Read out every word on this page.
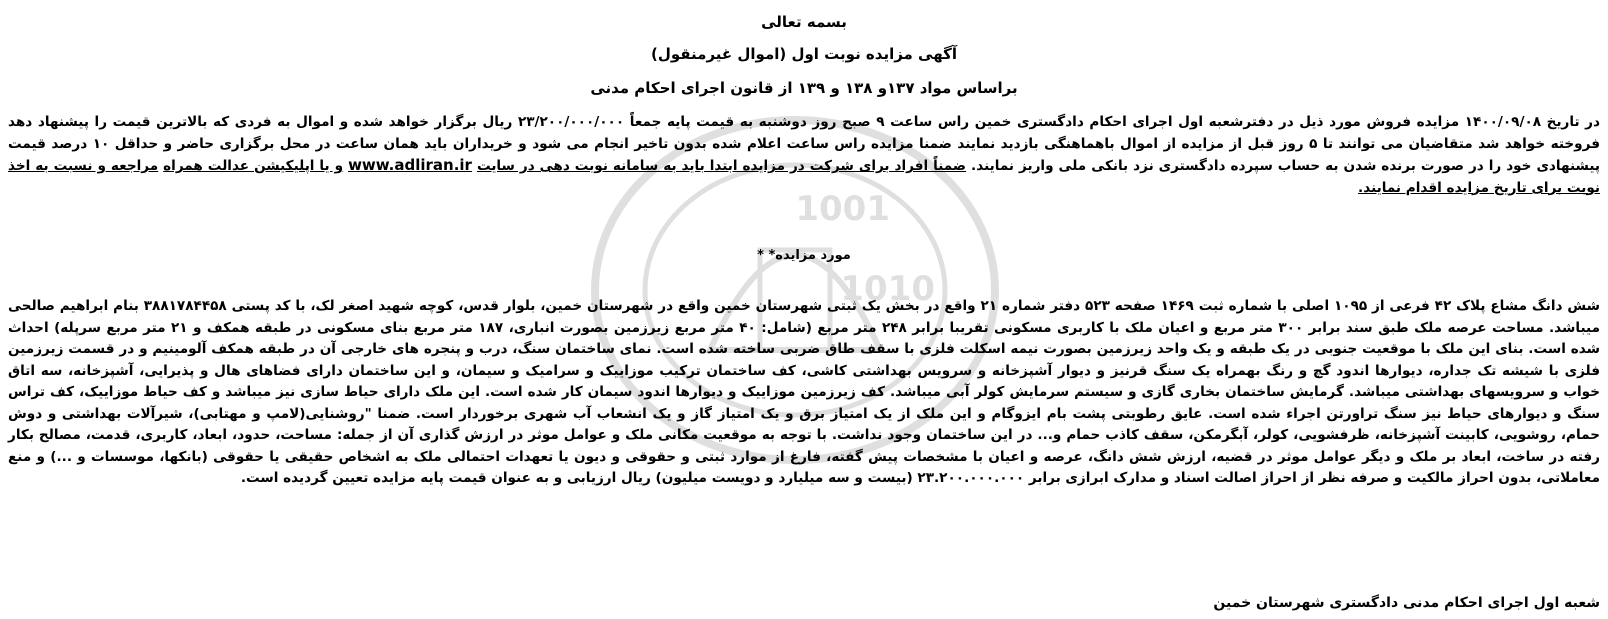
1001
1010
بسمه تعالی
آگهی مزایده نوبت اول (اموال غیرمنقول)
براساس مواد ۱۳۷و ۱۳۸ و ۱۳۹ از قانون اجرای احکام مدنی
در تاریخ ۱۴۰۰/۰۹/۰۸ مزایده فروش مورد ذیل در دفترشعبه اول اجرای احکام دادگستری خمین راس ساعت ۹ صبح روز دوشنبه به قیمت پایه جمعاً ۲۳/۲۰۰/۰۰۰/۰۰۰ ریال برگزار خواهد شده و اموال به فردی که بالاترین قیمت را پیشنهاد دهد فروخته خواهد شد متقاضیان می توانند تا ۵ روز قبل از مزایده از اموال باهماهنگی بازدید نمایند ضمنا مزایده راس ساعت اعلام شده بدون تاخیر انجام می شود و خریداران باید همان ساعت در محل برگزاری حاضر و حداقل ۱۰ درصد قیمت پیشنهادی خود را در صورت برنده شدن به حساب سپرده دادگستری نزد بانکی ملی واریز نمایند. ضمناً افراد برای شرکت در مزایده ابتدا باید به سامانه نوبت دهی در سایت www.adliran.ir و یا اپلیکیشن عدالت همراه مراجعه و نسبت به اخذ نوبت برای تاریخ مزایده اقدام نمایند.
مورد مزایده* *
شش دانگ مشاع پلاک ۴۲ فرعی از ۱۰۹۵ اصلی با شماره ثبت ۱۴۶۹ صفحه ۵۲۳ دفتر شماره ۲۱ واقع در بخش یک ثبتی شهرستان خمین واقع در شهرستان خمین، بلوار قدس، کوچه شهید اصغر لک، با کد پستی ۳۸۸۱۷۸۴۴۵۸ بنام ابراهیم صالحی میباشد. مساحت عرصه ملک طبق سند برابر ۳۰۰ متر مربع و اعیان ملک با کاربری مسکونی تقریبا برابر ۲۴۸ متر مربع (شامل: ۴۰ متر مربع زیرزمین بصورت انباری، ۱۸۷ متر مربع بنای مسکونی در طبقه همکف و ۲۱ متر مربع سرپله) احداث شده است. بنای این ملک با موقعیت جنوبی در یک طبقه و یک واحد زیرزمین بصورت نیمه اسکلت فلزی با سقف طاق ضربی ساخته شده است. نمای ساختمان سنگ، درب و پنجره های خارجی آن در طبقه همکف آلومینیم و در قسمت زیرزمین فلزی با شیشه تک جداره، دیوارها اندود گچ و رنگ بهمراه یک سنگ قرنیز و دیوار آشپزخانه و سرویس بهداشتی کاشی، کف ساختمان ترکیب موزاییک و سرامیک و سیمان، و این ساختمان دارای فضاهای هال و پذیرایی، آشپزخانه، سه اتاق خواب و سرویسهای بهداشتی میباشد. گرمایش ساختمان بخاری گازی و سیستم سرمایش کولر آبی میباشد. کف زیرزمین موزاییک و دیوارها اندود سیمان کار شده است. این ملک دارای حیاط سازی نیز میباشد و کف حیاط موزاییک، کف تراس سنگ و دیوارهای حیاط نیز سنگ تراورتن اجراء شده است. عایق رطوبتی پشت بام ایزوگام و این ملک از یک امتیاز برق و یک امتیاز گاز و یک انشعاب آب شهری برخوردار است. ضمنا "روشنایی(لامپ و مهتابی)، شیرآلات بهداشتی و دوش حمام، روشویی، کابینت آشپزخانه، ظرفشویی، کولر، آبگرمکن، سقف کاذب حمام و... در این ساختمان وجود نداشت. با توجه به موقعیت مکانی ملک و عوامل موثر در ارزش گذاری آن از جمله: مساحت، حدود، ابعاد، کاربری، قدمت، مصالح بکار رفته در ساخت، ابعاد بر ملک و دیگر عوامل موثر در قضیه، ارزش شش دانگ، عرصه و اعیان با مشخصات پیش گفته، فارغ از موارد ثبتی و حقوقی و دیون یا تعهدات احتمالی ملک به اشخاص حقیقی یا حقوقی (بانکها، موسسات و ...) و منع معاملاتی، بدون احراز مالکیت و صرفه نظر از احراز اصالت اسناد و مدارک ابرازی برابر ۲۳.۲۰۰.۰۰۰.۰۰۰ (بیست و سه میلیارد و دویست میلیون) ریال ارزیابی و به عنوان قیمت پایه مزایده تعیین گردیده است.
شعبه اول اجرای احکام مدنی دادگستری شهرستان خمین
